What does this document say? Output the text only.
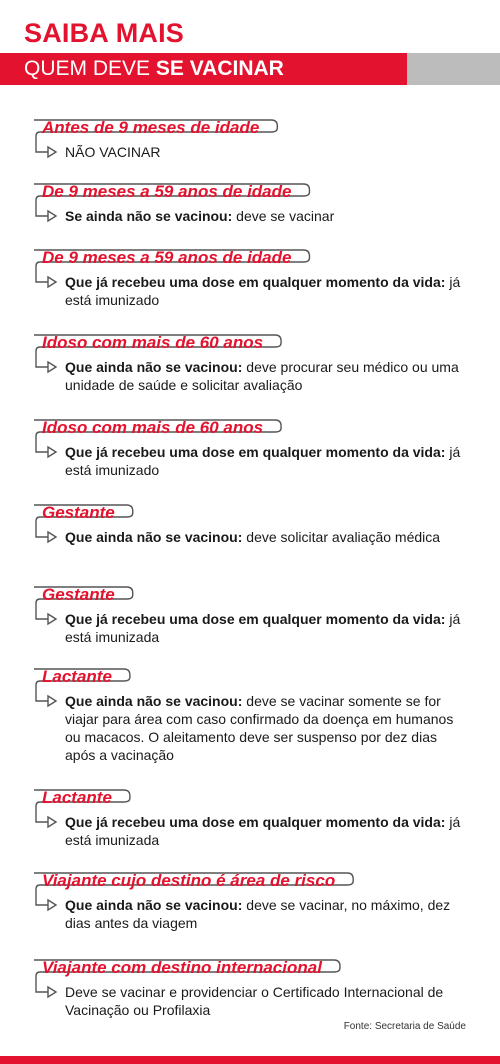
SAIBA MAIS
QUEM DEVE SE VACINAR
Antes de 9 meses de idade
NÃO VACINAR
De 9 meses a 59 anos de idade
Se ainda não se vacinou: deve se vacinar
De 9 meses a 59 anos de idade
Que já recebeu uma dose em qualquer momento da vida: já está imunizado
Idoso com mais de 60 anos
Que ainda não se vacinou: deve procurar seu médico ou uma unidade de saúde e solicitar avaliação
Idoso com mais de 60 anos
Que já recebeu uma dose em qualquer momento da vida: já está imunizado
Gestante
Que ainda não se vacinou: deve solicitar avaliação médica
Gestante
Que já recebeu uma dose em qualquer momento da vida: já está imunizada
Lactante
Que ainda não se vacinou: deve se vacinar somente se for viajar para área com caso confirmado da doença em humanos ou macacos. O aleitamento deve ser suspenso por dez dias após a vacinação
Lactante
Que já recebeu uma dose em qualquer momento da vida: já está imunizada
Viajante cujo destino é área de risco
Que ainda não se vacinou: deve se vacinar, no máximo, dez dias antes da viagem
Viajante com destino internacional
Deve se vacinar e providenciar o Certificado Internacional de Vacinação ou Profilaxia
Fonte: Secretaria de Saúde
